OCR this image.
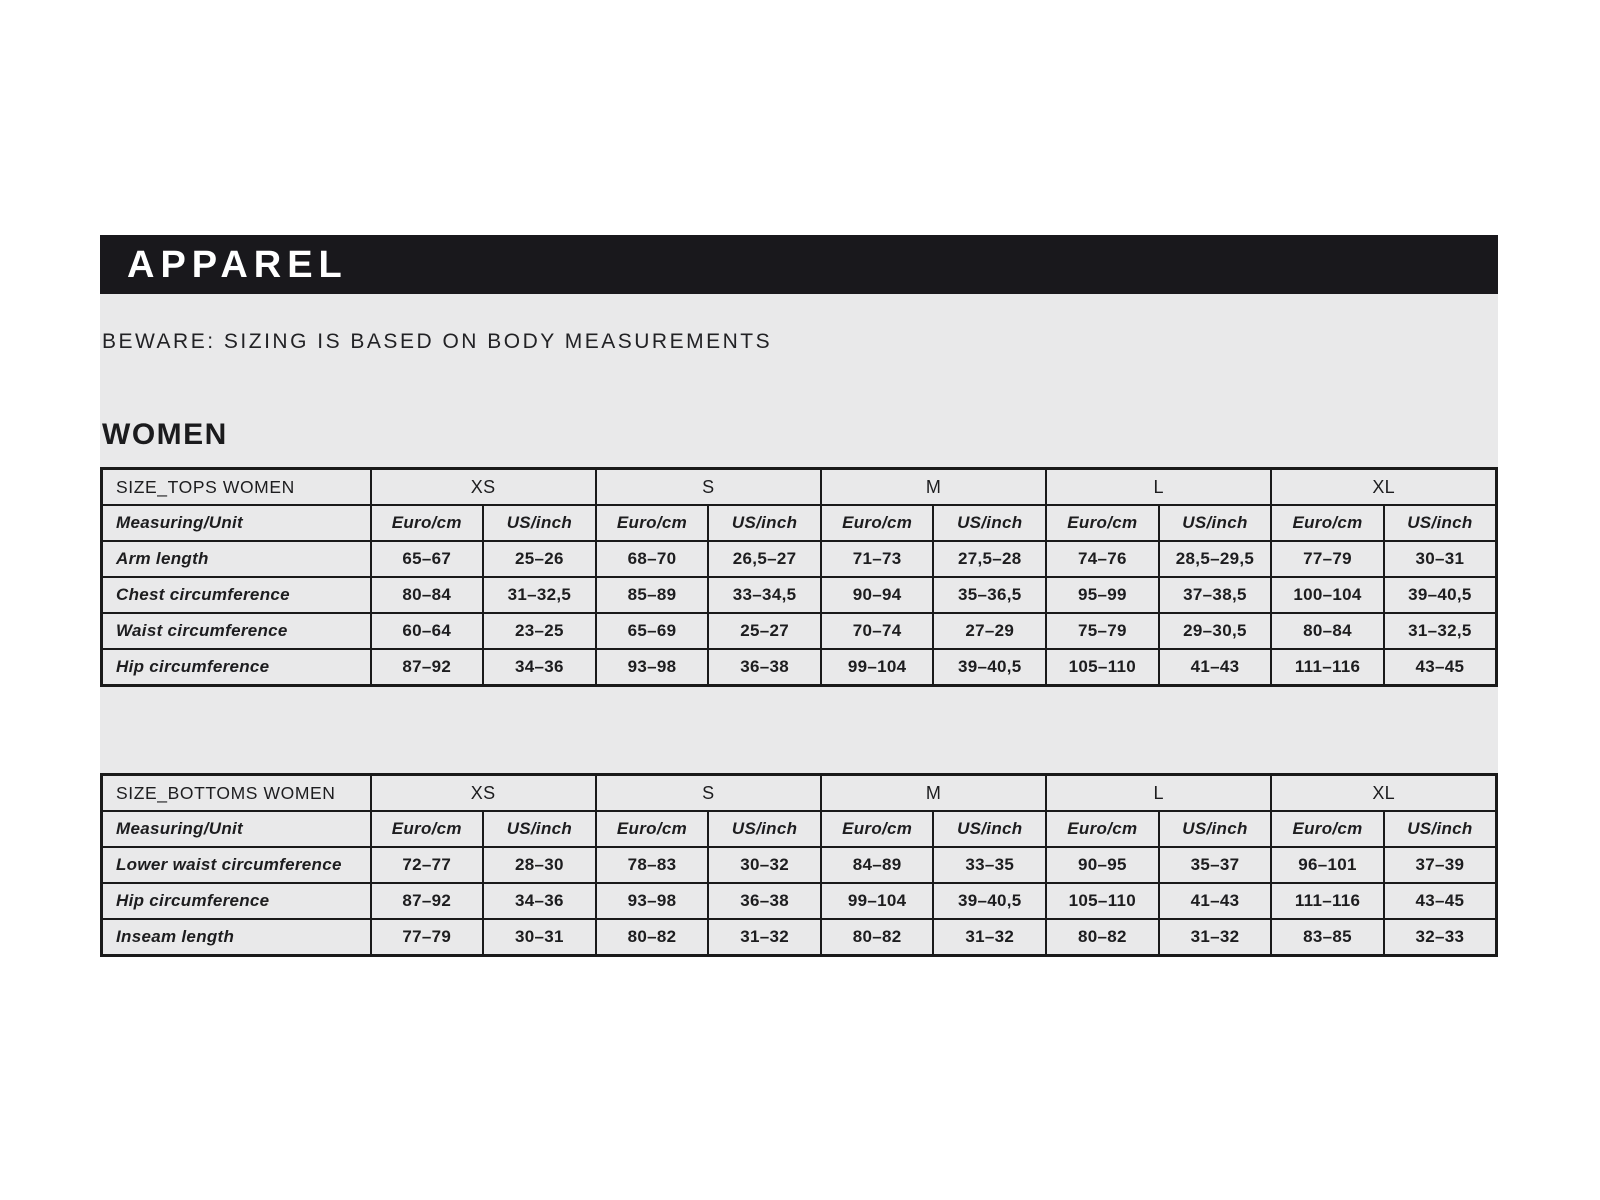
APPAREL

BEWARE: SIZING IS BASED ON BODY MEASUREMENTS

WOMEN
SIZE_TOPS WOMEN	XS		S		M		L		XL	
Measuring/Unit	Euro/cm	US/inch	Euro/cm	US/inch	Euro/cm	US/inch	Euro/cm	US/inch	Euro/cm	US/inch
Arm length	65–67	25–26	68–70	26,5–27	71–73	27,5–28	74–76	28,5–29,5	77–79	30–31
Chest circumference	80–84	31–32,5	85–89	33–34,5	90–94	35–36,5	95–99	37–38,5	100–104	39–40,5
Waist circumference	60–64	23–25	65–69	25–27	70–74	27–29	75–79	29–30,5	80–84	31–32,5
Hip circumference	87–92	34–36	93–98	36–38	99–104	39–40,5	105–110	41–43	111–116	43–45
SIZE_BOTTOMS WOMEN	XS		S		M		L		XL	
Measuring/Unit	Euro/cm	US/inch	Euro/cm	US/inch	Euro/cm	US/inch	Euro/cm	US/inch	Euro/cm	US/inch
Lower waist circumference	72–77	28–30	78–83	30–32	84–89	33–35	90–95	35–37	96–101	37–39
Hip circumference	87–92	34–36	93–98	36–38	99–104	39–40,5	105–110	41–43	111–116	43–45
Inseam length	77–79	30–31	80–82	31–32	80–82	31–32	80–82	31–32	83–85	32–33
